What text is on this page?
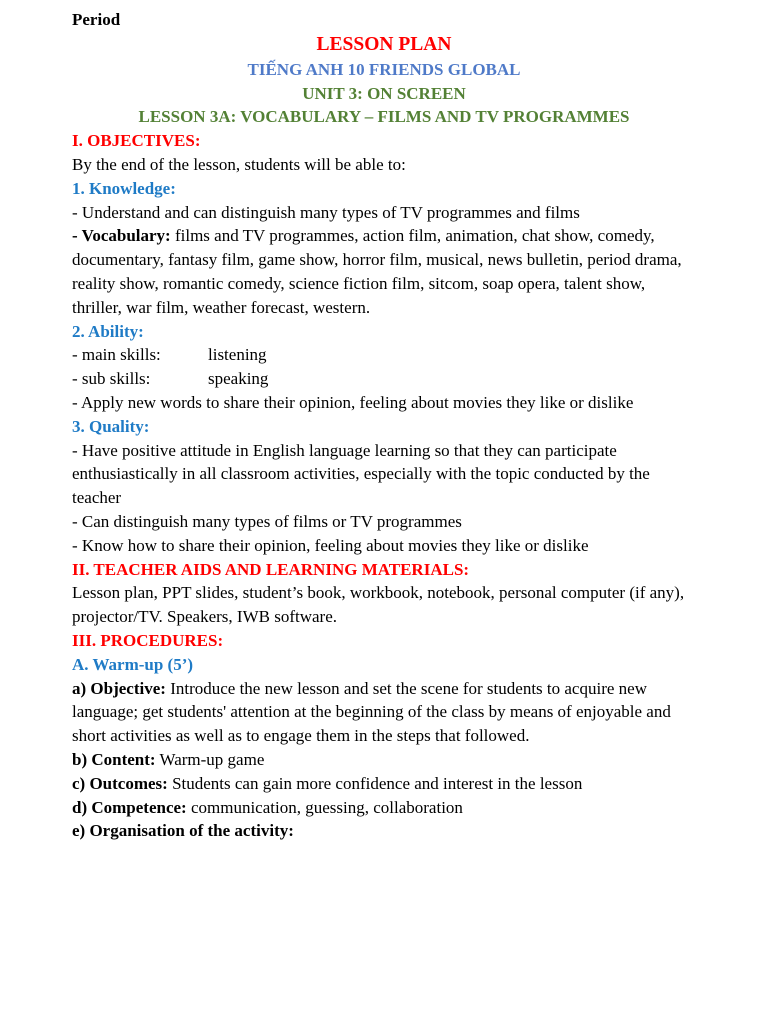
Period

LESSON PLAN

TIẾNG ANH 10 FRIENDS GLOBAL

UNIT 3: ON SCREEN

LESSON 3A: VOCABULARY – FILMS AND TV PROGRAMMES

I. OBJECTIVES:

By the end of the lesson, students will be able to:

1. Knowledge:

- Understand and can distinguish many types of TV programmes and films

- Vocabulary: films and TV programmes, action film, animation, chat show, comedy, documentary, fantasy film, game show, horror film, musical, news bulletin, period drama, reality show, romantic comedy, science fiction film, sitcom, soap opera, talent show, thriller, war film, weather forecast, western.

2. Ability:

- main skills:	listening
- sub skills:	speaking

- Apply new words to share their opinion, feeling about movies they like or dislike

3. Quality:

- Have positive attitude in English language learning so that they can participate enthusiastically in all classroom activities, especially with the topic conducted by the teacher

- Can distinguish many types of films or TV programmes

- Know how to share their opinion, feeling about movies they like or dislike

II. TEACHER AIDS AND LEARNING MATERIALS:

Lesson plan, PPT slides, student’s book, workbook, notebook, personal computer (if any), projector/TV. Speakers, IWB software.

III. PROCEDURES:

A. Warm-up (5’)

a) Objective: Introduce the new lesson and set the scene for students to acquire new language; get students' attention at the beginning of the class by means of enjoyable and short activities as well as to engage them in the steps that followed.

b) Content: Warm-up game

c) Outcomes: Students can gain more confidence and interest in the lesson

d) Competence: communication, guessing, collaboration

e) Organisation of the activity:
